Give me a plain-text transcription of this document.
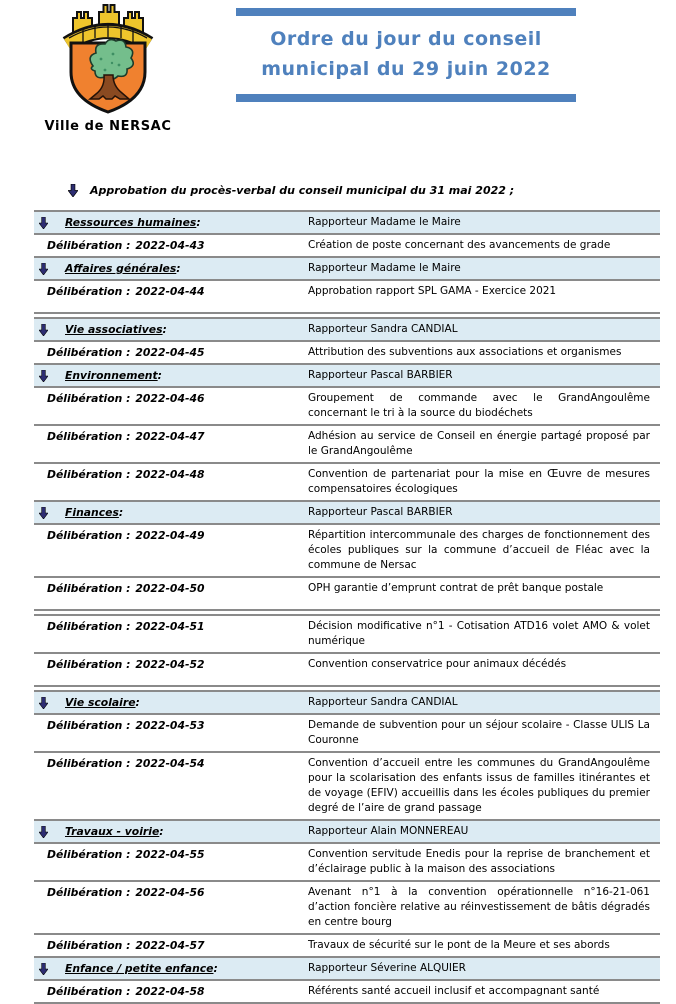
Ville de NERSAC
Ordre du jour du conseil
municipal du 29 juin 2022
Approbation du procès-verbal du conseil municipal du 31 mai 2022 ;
Ressources humaines :	Rapporteur Madame le Maire
Délibération : 2022-04-43	Création de poste concernant des avancements de grade
Affaires générales :	Rapporteur Madame le Maire
Délibération : 2022-04-44	Approbation rapport SPL GAMA - Exercice 2021
Vie associatives :	Rapporteur Sandra CANDIAL
Délibération : 2022-04-45	Attribution des subventions aux associations et organismes
Environnement :	Rapporteur Pascal BARBIER
Délibération : 2022-04-46	Groupement de commande avec le GrandAngoulême concernant le tri à la source du biodéchets
Délibération : 2022-04-47	Adhésion au service de Conseil en énergie partagé proposé par le GrandAngoulême
Délibération : 2022-04-48	Convention de partenariat pour la mise en Œuvre de mesures compensatoires écologiques
Finances :	Rapporteur Pascal BARBIER
Délibération : 2022-04-49	Répartition intercommunale des charges de fonctionnement des écoles publiques sur la commune d’accueil de Fléac avec la commune de Nersac
Délibération : 2022-04-50	OPH garantie d’emprunt contrat de prêt banque postale
Délibération : 2022-04-51	Décision modificative n°1 - Cotisation ATD16 volet AMO & volet numérique
Délibération : 2022-04-52	Convention conservatrice pour animaux décédés
Vie scolaire :	Rapporteur Sandra CANDIAL
Délibération : 2022-04-53	Demande de subvention pour un séjour scolaire - Classe ULIS La Couronne
Délibération : 2022-04-54	Convention d’accueil entre les communes du GrandAngoulême pour la scolarisation des enfants issus de familles itinérantes et de voyage (EFIV) accueillis dans les écoles publiques du premier degré de l’aire de grand passage
Travaux - voirie :	Rapporteur Alain MONNEREAU
Délibération : 2022-04-55	Convention servitude Enedis pour la reprise de branchement et d’éclairage public à la maison des associations
Délibération : 2022-04-56	Avenant n°1 à la convention opérationnelle n°16-21-061 d’action foncière relative au réinvestissement de bâtis dégradés en centre bourg
Délibération : 2022-04-57	Travaux de sécurité sur le pont de la Meure et ses abords
Enfance / petite enfance :	Rapporteur Séverine ALQUIER
Délibération : 2022-04-58	Référents santé accueil inclusif et accompagnant santé
